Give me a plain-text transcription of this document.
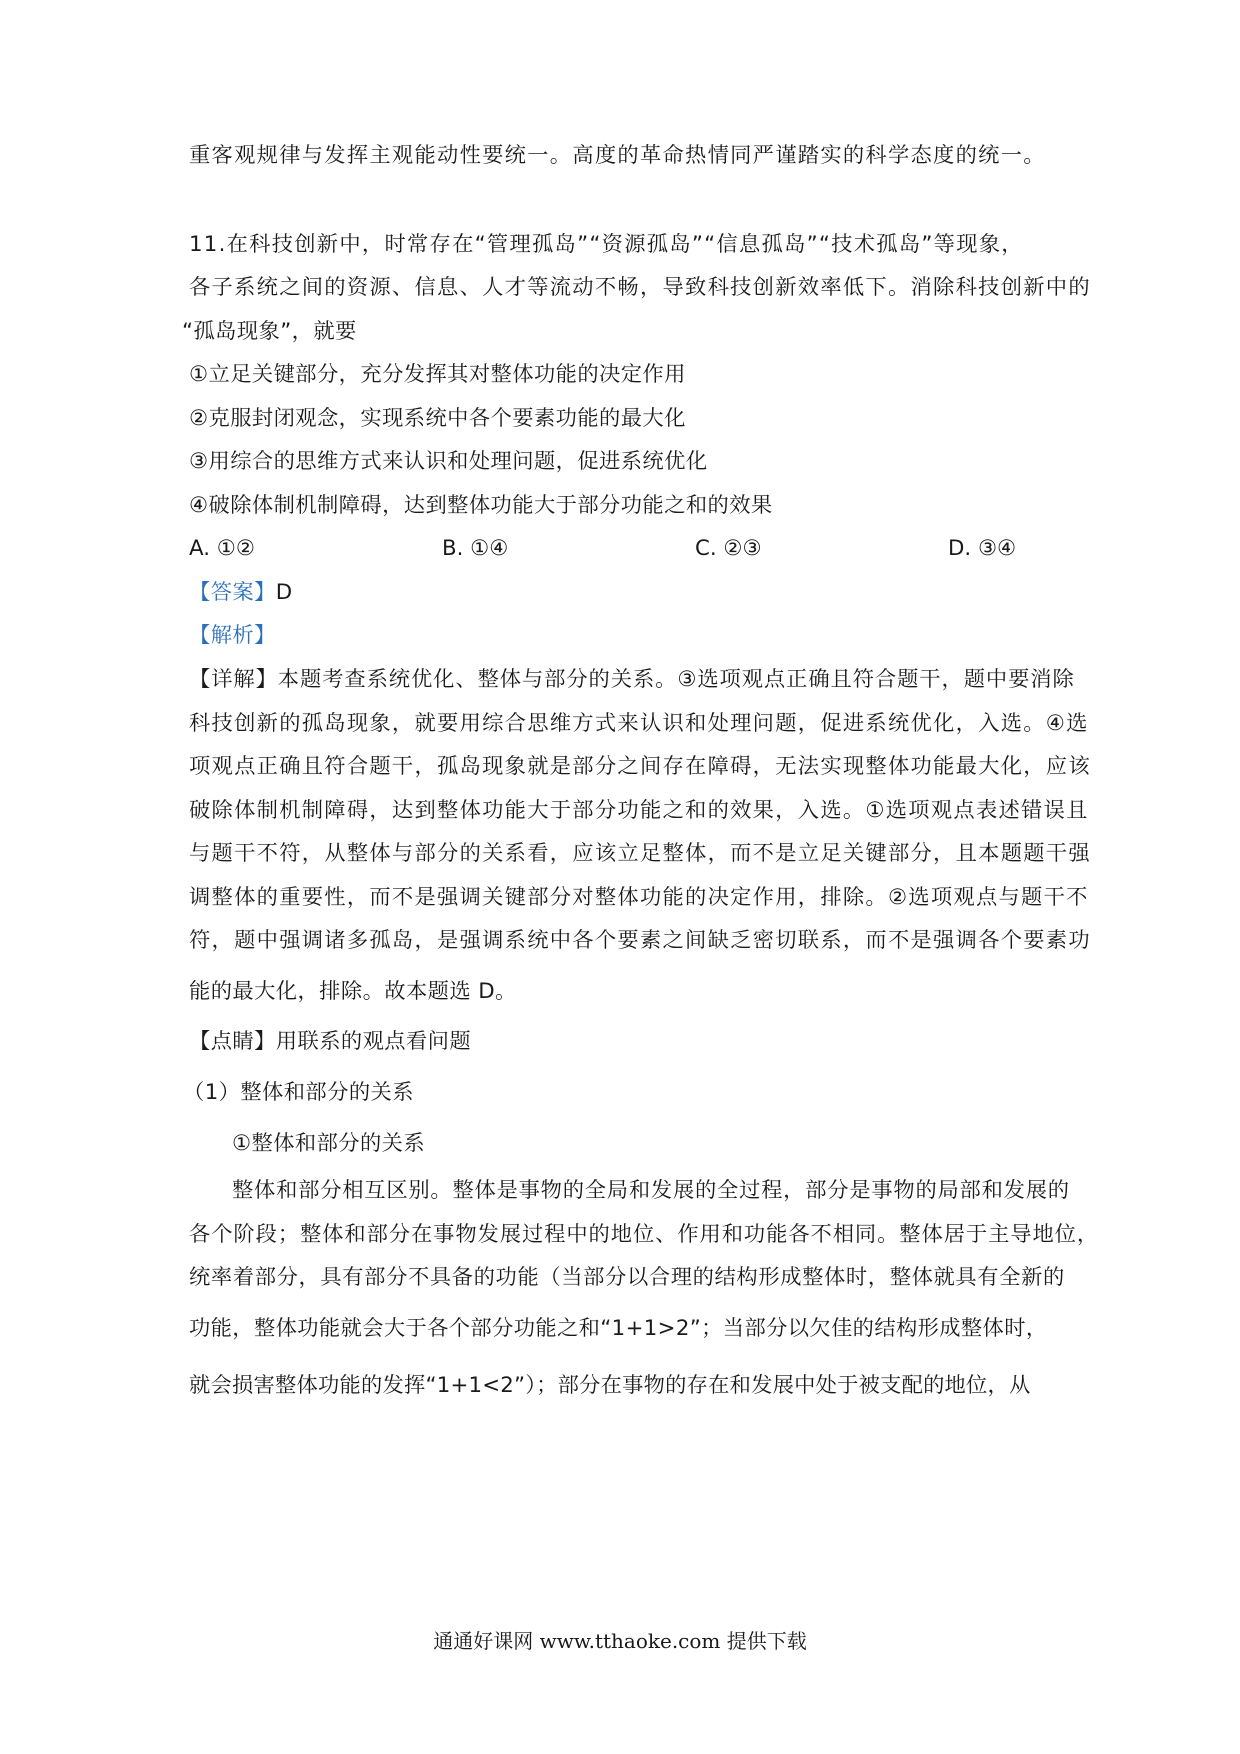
重客观规律与发挥主观能动性要统一。高度的革命热情同严谨踏实的科学态度的统一。
11.在科技创新中，时常存在“管理孤岛”“资源孤岛”“信息孤岛”“技术孤岛”等现象，
各子系统之间的资源、信息、人才等流动不畅，导致科技创新效率低下。消除科技创新中的
“孤岛现象”，就要
①立足关键部分，充分发挥其对整体功能的决定作用
②克服封闭观念，实现系统中各个要素功能的最大化
③用综合的思维方式来认识和处理问题，促进系统优化
④破除体制机制障碍，达到整体功能大于部分功能之和的效果
A. ①②	B. ①④	C. ②③	D. ③④
【答案】D
【解析】
【详解】本题考查系统优化、整体与部分的关系。③选项观点正确且符合题干，题中要消除
科技创新的孤岛现象，就要用综合思维方式来认识和处理问题，促进系统优化，入选。④选
项观点正确且符合题干，孤岛现象就是部分之间存在障碍，无法实现整体功能最大化，应该
破除体制机制障碍，达到整体功能大于部分功能之和的效果，入选。①选项观点表述错误且
与题干不符，从整体与部分的关系看，应该立足整体，而不是立足关键部分，且本题题干强
调整体的重要性，而不是强调关键部分对整体功能的决定作用，排除。②选项观点与题干不
符，题中强调诸多孤岛，是强调系统中各个要素之间缺乏密切联系，而不是强调各个要素功
能的最大化，排除。故本题选 D。
【点睛】用联系的观点看问题
（1）整体和部分的关系
①整体和部分的关系
整体和部分相互区别。整体是事物的全局和发展的全过程，部分是事物的局部和发展的
各个阶段；整体和部分在事物发展过程中的地位、作用和功能各不相同。整体居于主导地位，
统率着部分，具有部分不具备的功能（当部分以合理的结构形成整体时，整体就具有全新的
功能，整体功能就会大于各个部分功能之和“1+1>2”；当部分以欠佳的结构形成整体时，
就会损害整体功能的发挥“1+1<2”）；部分在事物的存在和发展中处于被支配的地位，从
通通好课网 www.tthaoke.com 提供下载
